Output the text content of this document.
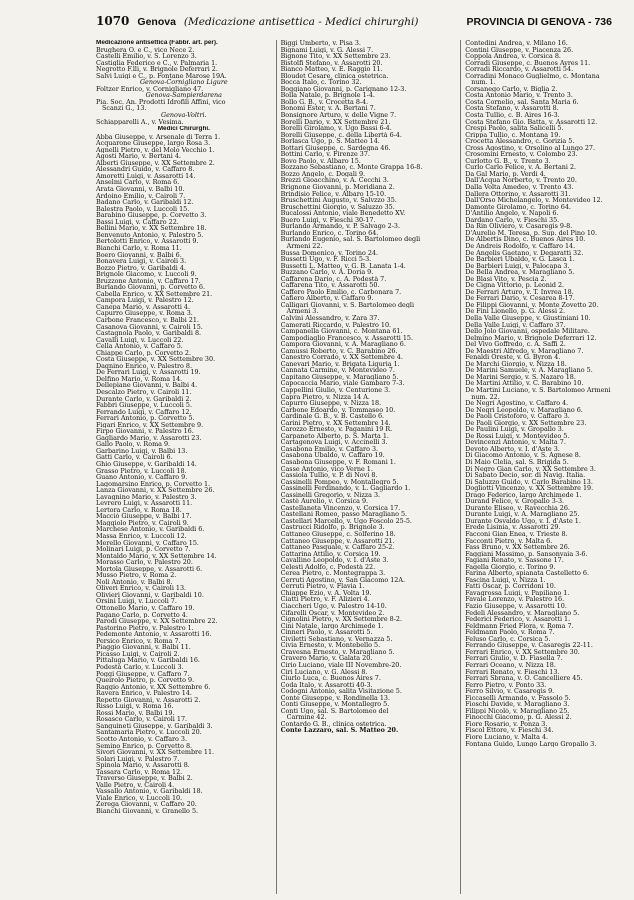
1070 Genova (Medicazione antisettica - Medici chirurghi)	PROVINCIA DI GENOVA - 736
Medicazione antisettica (Fabbr. art. per).
Brughera O. e C., vico Nece 2.
Castelli Emilio, v. S. Lorenzo 3.
Castiglia Federico e C., v. Palmaria 1.
Negrotto F.lli, v. Brignole Deferrari 2.
Salvi Luigi e C., p. Fontane Marose 19A.
Genova-Cornigliano Ligure
Foltzer Enrico, v. Cornigliano 47.
Genova-Sampierdarena
Pia. Soc. An. Prodotti Idrofili Affini, vico
Scanzi G., 13.
Genova-Voltri.
Schiapparelli A., v. Vesima.
Medici Chirurghi.
Abba Giuseppe, v. Arsenale di Terra 1.
Acquarone Giuseppe, largo Rosa 3.
Agnelli Pietro, v. del Molo Vecchio 1.
Agosti Mario, v. Bertani 4.
Alberti Giuseppe, v. XX Settembre 2.
Alessandri Guido, v. Caffaro 8.
Amoretti Luigi, v. Assarotti 14.
Anselmi Carlo, v. Roma 6.
Arata Giovanni, v. Balbi 10.
Ardoino Emilio, v. Cairoli 7.
Badano Carlo, v. Garibaldi 12.
Balestra Paolo, v. Luccoli 15.
Barabino Giuseppe, p. Corvetto 3.
Bassi Luigi, v. Caffaro 22.
Bellini Mario, v. XX Settembre 18.
Benvenuto Antonio, v. Palestro 5.
Bertolotti Enrico, v. Assarotti 9.
Bianchi Carlo, v. Roma 11.
Boero Giovanni, v. Balbi 6.
Bonavera Luigi, v. Cairoli 3.
Bozzo Pietro, v. Garibaldi 4.
Brignole Giacomo, v. Luccoli 9.
Bruzzone Antonio, v. Caffaro 17.
Burlando Giovanni, p. Corvetto 6.
Cabella Enrico, v. XX Settembre 21.
Campora Luigi, v. Palestro 12.
Canepa Mario, v. Assarotti 4.
Capurro Giuseppe, v. Roma 3.
Carbone Francesco, v. Balbi 21.
Casanova Giovanni, v. Cairoli 15.
Castagnola Paolo, v. Garibaldi 8.
Cavalli Luigi, v. Luccoli 22.
Cella Antonio, v. Caffaro 5.
Chiappe Carlo, p. Corvetto 2.
Costa Giuseppe, v. XX Settembre 30.
Dagnino Enrico, v. Palestro 8.
De Ferrari Luigi, v. Assarotti 19.
Delfino Mario, v. Roma 14.
Dellepiane Giovanni, v. Balbi 4.
Descalzo Pietro, v. Cairoli 11.
Durante Carlo, v. Garibaldi 2.
Fabbri Giuseppe, v. Luccoli 5.
Ferrando Luigi, v. Caffaro 12.
Ferrari Antonio, p. Corvetto 5.
Figari Enrico, v. XX Settembre 9.
Firpo Giovanni, v. Palestro 16.
Gagliardo Mario, v. Assarotti 23.
Gallo Paolo, v. Roma 9.
Garbarino Luigi, v. Balbi 13.
Gatti Carlo, v. Cairoli 6.
Ghio Giuseppe, v. Garibaldi 14.
Grasso Pietro, v. Luccoli 18.
Guano Antonio, v. Caffaro 9.
Lagomarsino Enrico, p. Corvetto 1.
Lanza Giovanni, v. XX Settembre 26.
Lavagnino Mario, v. Palestro 3.
Levrero Luigi, v. Assarotti 11.
Lertora Carlo, v. Roma 18.
Macciò Giuseppe, v. Balbi 17.
Maggiolo Pietro, v. Cairoli 9.
Marchese Antonio, v. Garibaldi 6.
Massa Enrico, v. Luccoli 12.
Merello Giovanni, v. Caffaro 15.
Molinari Luigi, p. Corvetto 7.
Montaldo Mario, v. XX Settembre 14.
Morasso Carlo, v. Palestro 20.
Mortola Giuseppe, v. Assarotti 6.
Musso Pietro, v. Roma 2.
Noli Antonio, v. Balbi 8.
Oliveri Enrico, v. Cairoli 13.
Olivieri Giovanni, v. Garibaldi 10.
Orsini Luigi, v. Luccoli 7.
Ottonello Mario, v. Caffaro 19.
Pagano Carlo, p. Corvetto 4.
Parodi Giuseppe, v. XX Settembre 22.
Pastorino Pietro, v. Palestro 1.
Pedemonte Antonio, v. Assarotti 16.
Persico Enrico, v. Roma 7.
Piaggio Giovanni, v. Balbi 11.
Picasso Luigi, v. Cairoli 2.
Pittaluga Mario, v. Garibaldi 16.
Podestà Carlo, v. Luccoli 3.
Poggi Giuseppe, v. Caffaro 7.
Queirolo Pietro, p. Corvetto 9.
Raggio Antonio, v. XX Settembre 6.
Ravera Enrico, v. Palestro 14.
Repetto Giovanni, v. Assarotti 2.
Risso Luigi, v. Roma 16.
Rossi Mario, v. Balbi 19.
Rosasco Carlo, v. Cairoli 17.
Sanguineti Giuseppe, v. Garibaldi 3.
Santamaria Pietro, v. Luccoli 20.
Scotto Antonio, v. Caffaro 3.
Semino Enrico, p. Corvetto 8.
Sivori Giovanni, v. XX Settembre 11.
Solari Luigi, v. Palestro 7.
Spinola Mario, v. Assarotti 8.
Tassara Carlo, v. Roma 12.
Traverso Giuseppe, v. Balbi 2.
Valle Pietro, v. Cairoli 4.
Vassallo Antonio, v. Garibaldi 18.
Viale Enrico, v. Luccoli 10.
Zerega Giovanni, v. Caffaro 20.
Bianchi Giovanni, v. Granello 5.
Biggi Umberto, v. Pisa 3.
Bignami Luigi, v. G. Alessi 7.
Bignone Tito, v. XX Settembre 23.
Bistolfi Stefano, v. Assarotti 20.
Bianco Matteo, v. E. Raggio 11.
Bloudet Cesare, clinica ostetrica.
Bocca Italo, c. Torino 32.
Boggiano Giovanni, p. Carignano 12-3.
Bolla Natale, p. Brignole 1-4.
Bollo G. B., v. Crocetta 8-4.
Bonomi Ester, v. A. Bertani 7.
Bonsignore Arturo, v. delle Vigne 7.
Borelli Dario, v. XX Settembre 21.
Borelli Girolamo, v. Ugo Bassi 6-4.
Borelli Giuseppe, c. della Libertà 6-4.
Borlasca Ugo, p. S. Matteo 14.
Bottari Giuseppe, c. Sardegna 46.
Bottini Carlo, v. Firenze 37.
Bovo Paolo, v. Albaro 15.
Bozzano Sebastiano, c. Monte Grappa 16-8.
Bozzo Angelo, c. Dogali 9.
Brezzi Gioacchino, v. A. Cecchi 3.
Brignone Giovanni, p. Meridiana 2.
Brindisio Felice, v. Albaro 15-10.
Bruschettini Augusto, v. Salvzzo 35.
Bruschettini Giorgio, v. Saluzzo 35.
Bucalossi Antonio, viale Benedetto XV.
Buero Luigi, v. Fieschi 30-17.
Burlando Armando, v. P. Salvago 2-3.
Burlando Enrico, c. Torino 64.
Burlando Eugenio, sal. S. Bartolomeo degli
Armeni 22.
Bussa Domenico, v. Torino 24.
Bussetti Ugo, v. F. Ricci 5-3.
Bussetti L. Matteo, v. G. B. Lanata 1-4.
Buzzano Carlo, v. A. Doria 9.
Caffarena Dario, c. A. Podestà 7.
Caffarena Tito, v. Assarotti 50.
Caffero Paolo Emilio, c. Carbonara 7.
Cafiero Alberto, v. Caffaro 9.
Calligari Giovanni, v. S. Bartolomeo degli
Armeni 3.
Calvini Alessandro, v. Zara 37.
Camerati Riccardo, v. Palestro 10.
Campanella Giovanni, c. Montana 61.
Campodiaglio Francesco, v. Assarotti 15.
Campora Giovanni, v. A. Maragliano 6.
Camussi Roberto, v. C. Barabino 26.
Canestro Corrado, v. XX Settembre 4.
Canevari Mario, v. Brigata Liguria 1.
Cannata Carmine, v. Montevideo 7.
Capitano Giuseppe, v. Maragliano 5.
Capocaccia Mario, viale Gambaro 7-3.
Cappellini Giulio, v. Centurione 3.
Capra Pietro, v. Nizza 14 A.
Capurro Giuseppe, v. Nizza 18.
Carbone Edoardo, v. Tommaseo 10.
Cardinale G. B., v. B. Castello 6.
Carini Pietro, v. XX Settembre 14.
Carozzo Ernesto, v. Paganini 19 R.
Carpaneto Alberto, p. S. Marta 1.
Cartagenova Luigi, v. Accinelli 3.
Casabona Emilio, v. Caffaro 3.
Casabona Ubaldo, v. Caffaro 19.
Casabona Giuseppe, v. F. Romani 1.
Casse Antonio, vico Verne 1.
Cassiola Tullio, v. P. di Novi 8.
Cassinelli Pompeo, v. Montallegro 5.
Cassinelli Ferdinando, v. L. Gagliardo 1.
Cassinelli Gregorio, v. Nizza 3.
Castè Aurelio, v. Corsica 9.
Castellaneta Vincenzo, v. Corsica 17.
Castellani Romeo, passo Maragliano 5.
Castellari Marcello, v. Ugo Foscolo 25-5.
Castrucci Ridolfo, p. Brignole 3.
Cattaneo Giuseppe, c. Solferino 18.
Cattaneo Giuseppe, v. Assarotti 21.
Cattaneo Pasquale, v. Caffaro 25-2.
Cattarina Attilio, v. Corsica 19.
Cavallino Leopoldo, v. I. d'Aste 3.
Celesti Adolfo, c. Podestà 22.
Cerea Pietro, c. Montegrappa 3.
Cerruti Agostino, v. San Giacomo 12A.
Cerruti Pietro, v. Flavia 1.
Chiappe Ezio, v. A. Volta 19.
Ciatti Pietro, v. F. Alizieri 4.
Ciaccheri Ugo, v. Palestro 14-10.
Cifarelli Oscar, v. Montevideo 2.
Cignolini Pietro, v. XX Settembre 8-2.
Cini Natale, largo Archimede 1.
Cinneri Paolo, v. Assarotti 5.
Civiletti Sebastiano, v. Vernazza 5.
Civia Ernesto, v. Montebello 5.
Cravesna Ernesto, v. Maragliano 5.
Cravero Mario, v. Galata 20.
Cirio Luciano, viale III Novembre-20.
Ciri Luciano, v. G. Alessi 8.
Ciurlo Luca, c. Buenos Aires 7.
Coda Italo, v. Assarotti 40-3.
Codogni Antonio, salita Visitazione 5.
Conte Giuseppe, v. Rondinella 13.
Conti Giuseppe, v. Montallegro 5.
Conti Ugo, sal. S. Bartolomeo del
Carmine 42.
Contardo G. B., clinica ostetrica.
Conte Lazzaro, sal. S. Matteo 20.
Contedini Andrea, v. Milano 16.
Contini Giuseppe, v. Piacenza 26.
Coppola Andrea, v. Corsica 8.
Corradi Giuseppe, c. Buenos Ayres 11.
Corradi Riccardo, v. Assarotti 54.
Corradini Monaco Guglielmo, c. Montana
num. 1.
Corsanego Carlo, v. Biglia 2.
Costa Antonio Mario, v. Trento 3.
Costa Cornelio, sal. Santa Maria 6.
Costa Stefano, v. Assarotti 8.
Costa Tullio, c. B. Aires 16-3.
Costa Stefano Gio. Batta, v. Assarotti 12.
Crespi Paolo, salita Salicelli 5.
Crippa Tullio, c. Montana 19.
Crocetta Alessandro, c. Gorizia 5.
Cross Agostino, v. Orsolino al Lungo 27.
Crosomini Ernesto, v. Colombo 23.
Curlotto G. B., v. Trento 3.
Curlo Carlo Felice, v. A. Bertani 2.
Da Gal Mario, p. Verdi 4.
Dall'Acqua Norberto, v. Trento 20.
Dalla Volta Amedeo, v. Trento 43.
Dallera Ottorino, v. Assarotti 31.
Dall'Orso Michelangelo, v. Montevideo 12.
Damonte Girolamo, c. Torino 64.
D'Antilio Angelo, v. Napoli 6.
Dardano Carlo, v. Fieschi 35.
Da Rin Oliviero, v. Casaregis 9-8.
D'Aurelio M. Teresa, p. Sup. del Pino 10.
De Albertis Dino, c. Buenos Aires 10.
De Andreis Rodolfo, v. Caffaro 14.
De Angelis Gaetano, v. Degaratti 32.
De Barbieri Ubaldo, v. G. Lasca 1.
De Barbieri Luigi, v. Palocapa 3.
De Bella Andrea, v. Maragliano 5.
De Blasi Vito, v. Pescia 2.
De Cigna Vittorio, p. Leonid 2.
De Ferrari Arturo, v. T. Invrea 18.
De Ferrari Dario, v. Cesarea 8-17.
De Filippi Giovanni, v. Monte Zovetto 20.
De Fini Lionello, p. G. Alessi 2.
Della Valle Giuseppe, v. Giustiniani 10.
Della Valle Luigi, v. Caffaro 37.
Dello Jolo Giovanni, ospedale Militare.
Delmino Mario, v. Brignole Deferrari 12.
Del Vivo Goffredo, c. A. Saffi 2.
De Maestri Alfredo, v. Maragliano 7.
Fenaldi Oreste, v. G. Byron 4.
De Marchi Giorgio, v. Nizza 18.
De Marini Samuele, v. A. Maragliano 5.
De Marini Sergio, v. S. Nazaro 18.
De Martini Attilio, v. C. Barabino 10.
De Martini Luciano, v. S. Bartolomeo Armeni
num. 22.
De Negri Agostino, v. Caffaro 4.
De Negri Leopoldo, v. Maragliano 6.
De Paoli Cristoforo, v. Caffaro 3.
De Paoli Giorgio, v. XX Settembre 23.
De Paulini Luigi, v. Gropallo 3.
De Rossi Luigi, v. Montevideo 5.
Devincenzi Antonio, v. Malta 7.
Devoto Alberto, v. I. d'Aste 3.
Di Giacomo Antonio, v. S. Agnese 8.
Di Maio Clelia, sal. S. Brigida 5.
Di Negro Gian Carlo, v. XX Settembre 3.
Di Sabato Decio, sor. di Navig. Italia.
Di Saluzzo Guido, v. Carlo Barabino 13.
Dogliotti Vincenzo, v. XX Settembre 19.
Drago Federico, largo Archimede 1.
Durand Felice, v. Gropallo 3-3.
Durante Eliseo, v. Ravecchia 26.
Durante Luigi, v. A. Maragliano 25.
Durante Osvaldo Ugo, v. I. d'Aste 1.
Erede Lisinia, v. Assarotti 29.
Facconi Gian Enea, v. Trieste 8.
Facconti Pietro, v. Malta 6.
Fass Bruno, v. XX Settembre 26.
Faggiani Massimo, p. Sansonvaia 3-6.
Fagiani Renato, v. Sassone 17.
Fagella Giorgio, c. Torino 9.
Farina Alberto, spianata Castelletto 6.
Fascina Luigi, v. Nizza 1.
Fatti Oscar, p. Corridoni 10.
Favagrossa Luigi, v. Papiliano 1.
Favale Lorenzo, v. Palestro 16.
Fazio Giuseppe, v. Assarotti 10.
Fedeli Alessandro, v. Maragliano 5.
Federici Federico, v. Assarotti 1.
Feldmann Fried Flora, v. Roma 7.
Feldmann Paolo, v. Roma 7.
Feluso Carlo, c. Corsica 5.
Ferrando Giuseppe, v. Casaregis 22-11.
Ferrari Enrico, v. XX Settembre 30.
Ferrari Giulio, v. D. Fiasella 7.
Ferrari Oceano, v. Nizza 18.
Ferrari Renato, v. Fieschi 13.
Ferrari Sbrana, v. O. Cancelliere 45.
Ferro Pietro, v. Ponto 33.
Ferro Silvio, v. Casaregis 9.
Ficcaselli Armando, v. Fassolo 5.
Fioschi Davide, v. Maragliano 3.
Filippi Nicolò, v. Maragliano 25.
Finocchi Giacomo, p. G. Alessi 2.
Fiore Rosario, v. Ponza 3.
Fiscol Ettore, v. Fieschi 34.
Fiore Luciano, v. Malta 4.
Fontana Guido, Lungo Largo Gropallo 3.
